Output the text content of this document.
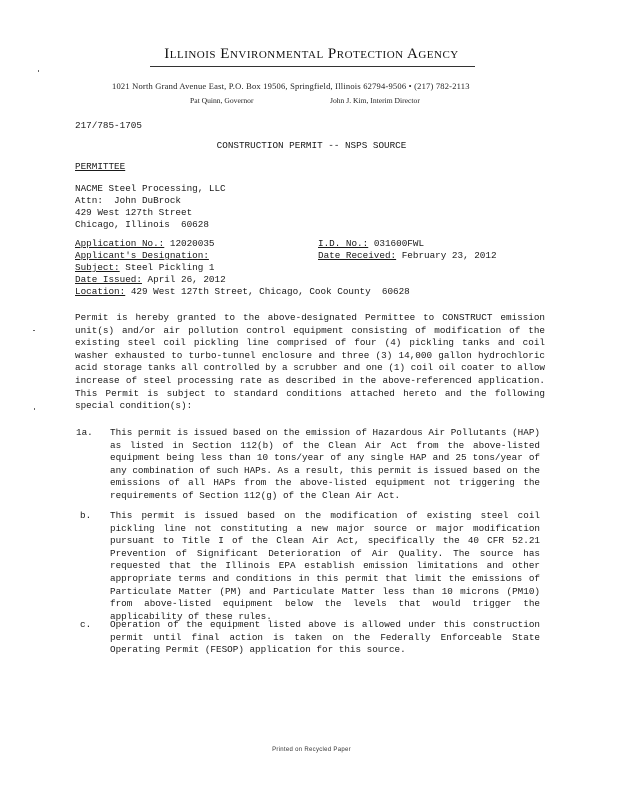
Illinois Environmental Protection Agency
1021 North Grand Avenue East, P.O. Box 19506, Springfield, Illinois 62794-9506 • (217) 782-2113
Pat Quinn, Governor	John J. Kim, Interim Director
217/785-1705
CONSTRUCTION PERMIT -- NSPS SOURCE
PERMITTEE
NACME Steel Processing, LLC
Attn:  John DuBrock
429 West 127th Street
Chicago, Illinois  60628
Application No.: 12020035	I.D. No.: 031600FWL
Applicant's Designation:	Date Received: February 23, 2012
Subject: Steel Pickling 1
Date Issued: April 26, 2012
Location: 429 West 127th Street, Chicago, Cook County  60628
Permit is hereby granted to the above-designated Permittee to CONSTRUCT emission unit(s) and/or air pollution control equipment consisting of modification of the existing steel coil pickling line comprised of four (4) pickling tanks and coil washer exhausted to turbo-tunnel enclosure and three (3) 14,000 gallon hydrochloric acid storage tanks all controlled by a scrubber and one (1) coil oil coater to allow increase of steel processing rate as described in the above-referenced application. This Permit is subject to standard conditions attached hereto and the following special condition(s):
1a. This permit is issued based on the emission of Hazardous Air Pollutants (HAP) as listed in Section 112(b) of the Clean Air Act from the above-listed equipment being less than 10 tons/year of any single HAP and 25 tons/year of any combination of such HAPs. As a result, this permit is issued based on the emissions of all HAPs from the above-listed equipment not triggering the requirements of Section 112(g) of the Clean Air Act.
b. This permit is issued based on the modification of existing steel coil pickling line not constituting a new major source or major modification pursuant to Title I of the Clean Air Act, specifically the 40 CFR 52.21 Prevention of Significant Deterioration of Air Quality. The source has requested that the Illinois EPA establish emission limitations and other appropriate terms and conditions in this permit that limit the emissions of Particulate Matter (PM) and Particulate Matter less than 10 microns (PM10) from above-listed equipment below the levels that would trigger the applicability of these rules.
c. Operation of the equipment listed above is allowed under this construction permit until final action is taken on the Federally Enforceable State Operating Permit (FESOP) application for this source.
Printed on Recycled Paper
